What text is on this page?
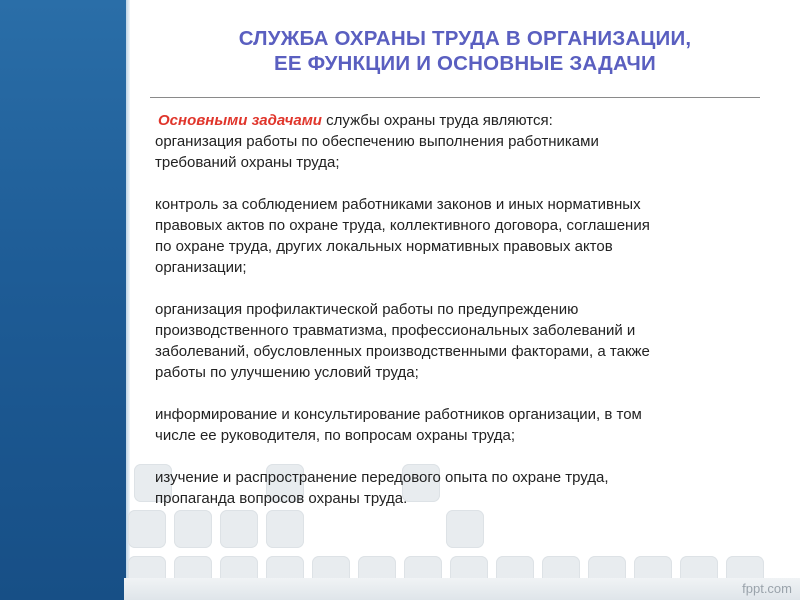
СЛУЖБА ОХРАНЫ ТРУДА В ОРГАНИЗАЦИИ,
ЕЕ ФУНКЦИИ И ОСНОВНЫЕ ЗАДАЧИ
Основными задачами службы охраны труда являются:
организация работы по обеспечению выполнения работниками
требований охраны труда;
контроль за соблюдением работниками законов и иных нормативных
правовых актов по охране труда, коллективного договора, соглашения
по охране труда, других локальных нормативных правовых актов
организации;
организация профилактической работы по предупреждению
производственного травматизма, профессиональных заболеваний и
заболеваний, обусловленных производственными факторами, а также
работы по улучшению условий труда;
информирование и консультирование работников организации, в том
числе ее руководителя, по вопросам охраны труда;
изучение и распространение передового опыта по охране труда,
пропаганда вопросов охраны труда.
fppt.com
